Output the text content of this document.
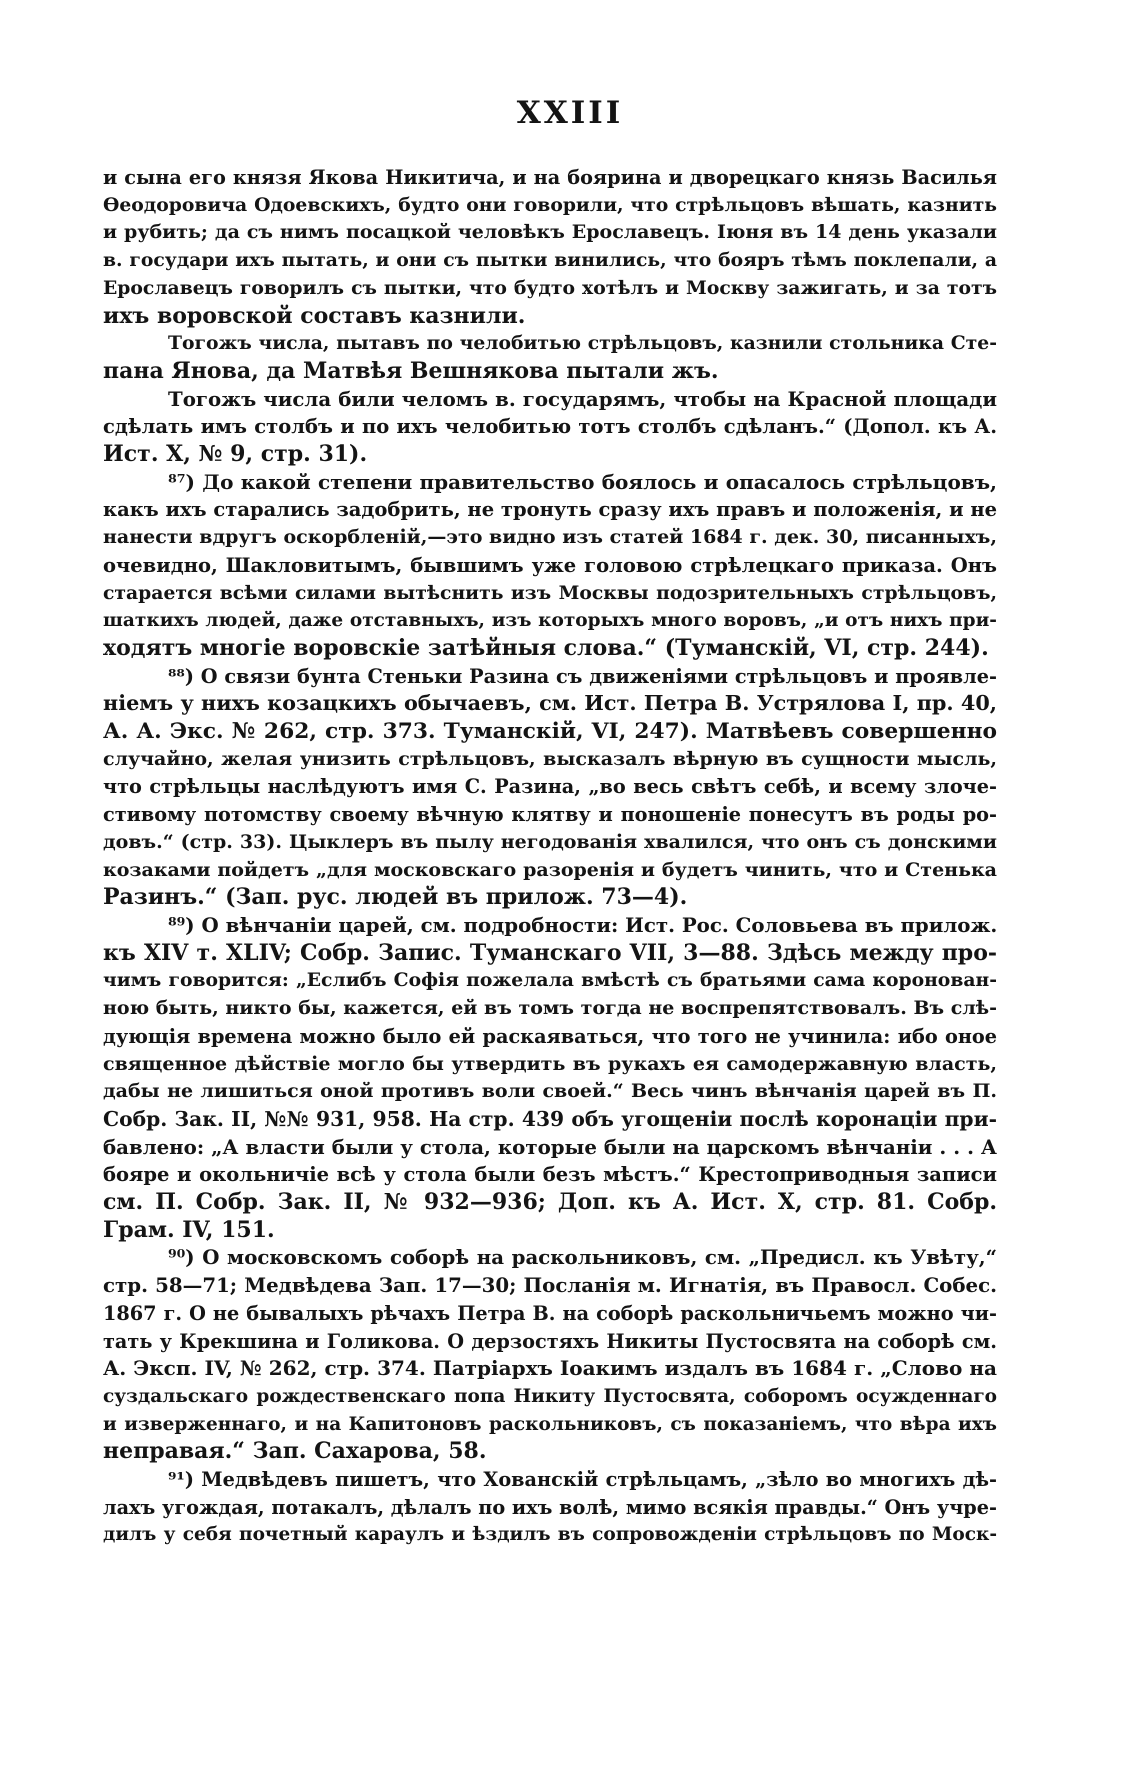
XXIII
и сына его князя Якова Никитича, и на боярина и дворецкаго князь Василья
Ѳеодоровича Одоевскихъ, будто они говорили, что стрѣльцовъ вѣшать, казнить
и рубить; да съ нимъ посацкой человѣкъ Ерославецъ. Іюня въ 14 день указали
в. государи ихъ пытать, и они съ пытки винились, что бояръ тѣмъ поклепали, а
Ерославецъ говорилъ съ пытки, что будто хотѣлъ и Москву зажигать, и за тотъ
ихъ воровской составъ казнили.
Тогожъ числа, пытавъ по челобитью стрѣльцовъ, казнили стольника Сте-
пана Янова, да Матвѣя Вешнякова пытали жъ.
Тогожъ числа били челомъ в. государямъ, чтобы на Красной площади
сдѣлать имъ столбъ и по ихъ челобитью тотъ столбъ сдѣланъ.“ (Допол. къ А.
Ист. X, № 9, стр. 31).
⁸⁷) До какой степени правительство боялось и опасалось стрѣльцовъ,
какъ ихъ старались задобрить, не тронуть сразу ихъ правъ и положенія, и не
нанести вдругъ оскорбленій,—это видно изъ статей 1684 г. дек. 30, писанныхъ,
очевидно, Шакловитымъ, бывшимъ уже головою стрѣлецкаго приказа. Онъ
старается всѣми силами вытѣснить изъ Москвы подозрительныхъ стрѣльцовъ,
шаткихъ людей, даже отставныхъ, изъ которыхъ много воровъ, „и отъ нихъ при-
ходятъ многіе воровскіе затѣйныя слова.“ (Туманскій, VI, стр. 244).
⁸⁸) О связи бунта Стеньки Разина съ движеніями стрѣльцовъ и проявле-
ніемъ у нихъ козацкихъ обычаевъ, см. Ист. Петра В. Устрялова I, пр. 40,
А. А. Экс. № 262, стр. 373. Туманскій, VI, 247). Матвѣевъ совершенно
случайно, желая унизить стрѣльцовъ, высказалъ вѣрную въ сущности мысль,
что стрѣльцы наслѣдуютъ имя С. Разина, „во весь свѣтъ себѣ, и всему злоче-
стивому потомству своему вѣчную клятву и поношеніе понесутъ въ роды ро-
довъ.“ (стр. 33). Цыклеръ въ пылу негодованія хвалился, что онъ съ донскими
козаками пойдетъ „для московскаго разоренія и будетъ чинить, что и Стенька
Разинъ.“ (Зап. рус. людей въ прилож. 73—4).
⁸⁹) О вѣнчаніи царей, см. подробности: Ист. Рос. Соловьева въ прилож.
къ XIV т. XLIV; Собр. Запис. Туманскаго VII, 3—88. Здѣсь между про-
чимъ говорится: „Еслибъ Софія пожелала вмѣстѣ съ братьями сама коронован-
ною быть, никто бы, кажется, ей въ томъ тогда не воспрепятствовалъ. Въ слѣ-
дующія времена можно было ей раскаяваться, что того не учинила: ибо оное
священное дѣйствіе могло бы утвердить въ рукахъ ея самодержавную власть,
дабы не лишиться оной противъ воли своей.“ Весь чинъ вѣнчанія царей въ П.
Собр. Зак. II, №№ 931, 958. На стр. 439 объ угощеніи послѣ коронаціи при-
бавлено: „А власти были у стола, которые были на царскомъ вѣнчаніи . . . А
бояре и окольничіе всѣ у стола были безъ мѣстъ.“ Крестоприводныя записи
см. П. Собр. Зак. II, № 932—936; Доп. къ А. Ист. X, стр. 81. Собр.
Грам. IV, 151.
⁹⁰) О московскомъ соборѣ на раскольниковъ, см. „Предисл. къ Увѣту,“
стр. 58—71; Медвѣдева Зап. 17—30; Посланія м. Игнатія, въ Правосл. Собес.
1867 г. О не бывалыхъ рѣчахъ Петра В. на соборѣ раскольничьемъ можно чи-
тать у Крекшина и Голикова. О дерзостяхъ Никиты Пустосвята на соборѣ см.
А. Эксп. IV, № 262, стр. 374. Патріархъ Іоакимъ издалъ въ 1684 г. „Слово на
суздальскаго рождественскаго попа Никиту Пустосвята, соборомъ осужденнаго
и изверженнаго, и на Капитоновъ раскольниковъ, съ показаніемъ, что вѣра ихъ
неправая.“ Зап. Сахарова, 58.
⁹¹) Медвѣдевъ пишетъ, что Хованскій стрѣльцамъ, „зѣло во многихъ дѣ-
лахъ угождая, потакалъ, дѣлалъ по ихъ волѣ, мимо всякія правды.“ Онъ учре-
дилъ у себя почетный караулъ и ѣздилъ въ сопровожденіи стрѣльцовъ по Моск-
